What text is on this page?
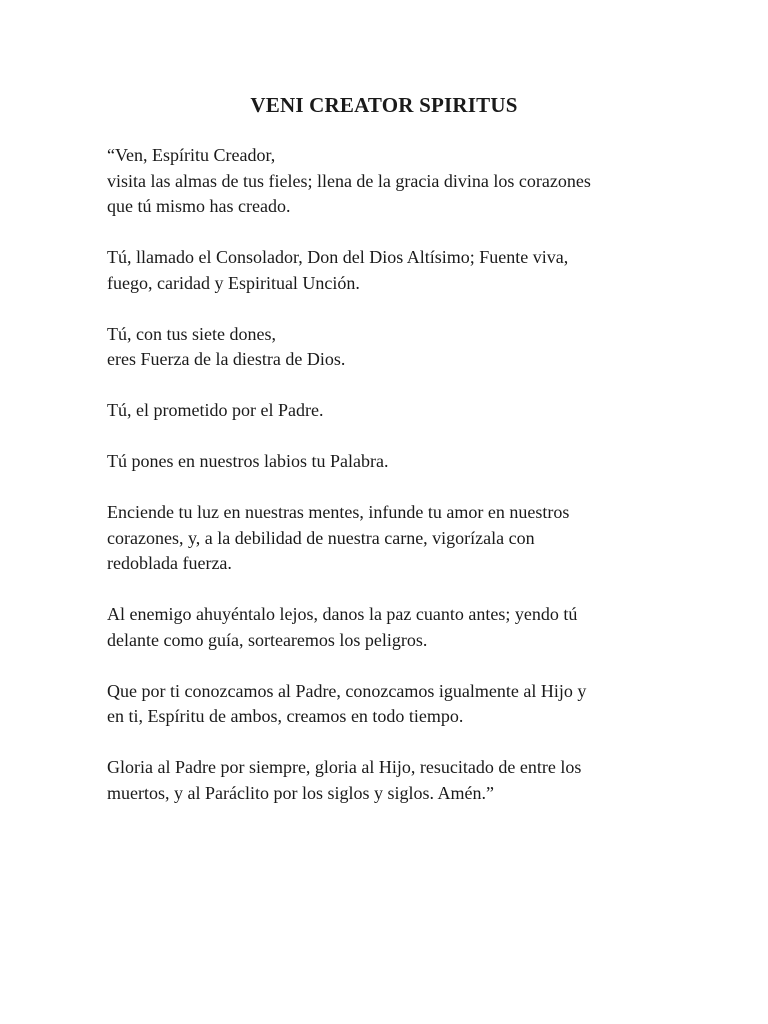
VENI CREATOR SPIRITUS

“Ven, Espíritu Creador,
visita las almas de tus fieles; llena de la gracia divina los corazones
que tú mismo has creado.

Tú, llamado el Consolador, Don del Dios Altísimo; Fuente viva,
fuego, caridad y Espiritual Unción.

Tú, con tus siete dones,
eres Fuerza de la diestra de Dios.

Tú, el prometido por el Padre.

Tú pones en nuestros labios tu Palabra.

Enciende tu luz en nuestras mentes, infunde tu amor en nuestros
corazones, y, a la debilidad de nuestra carne, vigorízala con
redoblada fuerza.

Al enemigo ahuyéntalo lejos, danos la paz cuanto antes; yendo tú
delante como guía, sortearemos los peligros.

Que por ti conozcamos al Padre, conozcamos igualmente al Hijo y
en ti, Espíritu de ambos, creamos en todo tiempo.

Gloria al Padre por siempre, gloria al Hijo, resucitado de entre los
muertos, y al Paráclito por los siglos y siglos. Amén.”
